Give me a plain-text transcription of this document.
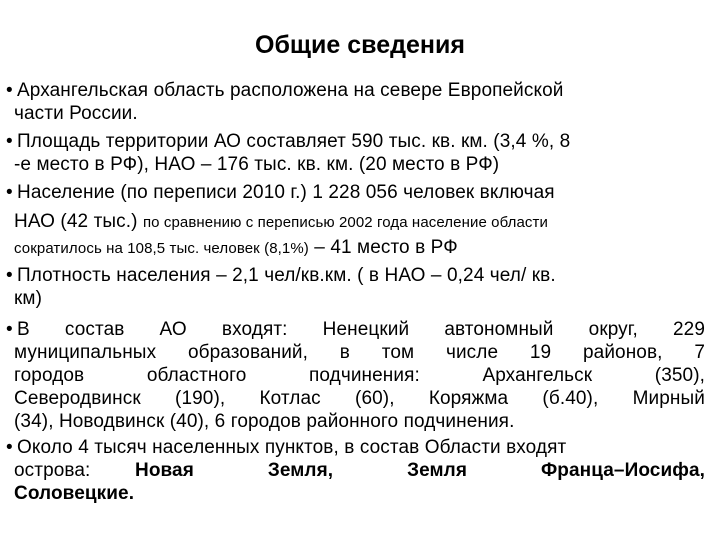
Общие сведения
• Архангельская область расположена на севере Европейской
части России.
• Площадь территории АО составляет 590 тыс. кв. км. (3,4 %, 8
-е место в РФ), НАО – 176 тыс. кв. км. (20 место в РФ)
• Население (по переписи 2010 г.) 1 228 056 человек включая
НАО (42 тыс.) по сравнению с переписью 2002 года население области
сократилось на 108,5 тыс. человек (8,1%) – 41 место в РФ
• Плотность населения – 2,1 чел/кв.км. ( в НАО – 0,24 чел/ кв.
км)
• В состав АО входят: Ненецкий автономный округ, 229
муниципальных образований, в том числе 19 районов, 7
городов областного подчинения: Архангельск (350),
Северодвинск (190), Котлас (60), Коряжма (б.40), Мирный
(34), Новодвинск (40), 6 городов районного подчинения.
• Около 4 тысяч населенных пунктов, в состав Области входят
острова: Новая Земля, Земля Франца–Иосифа,
Соловецкие.
